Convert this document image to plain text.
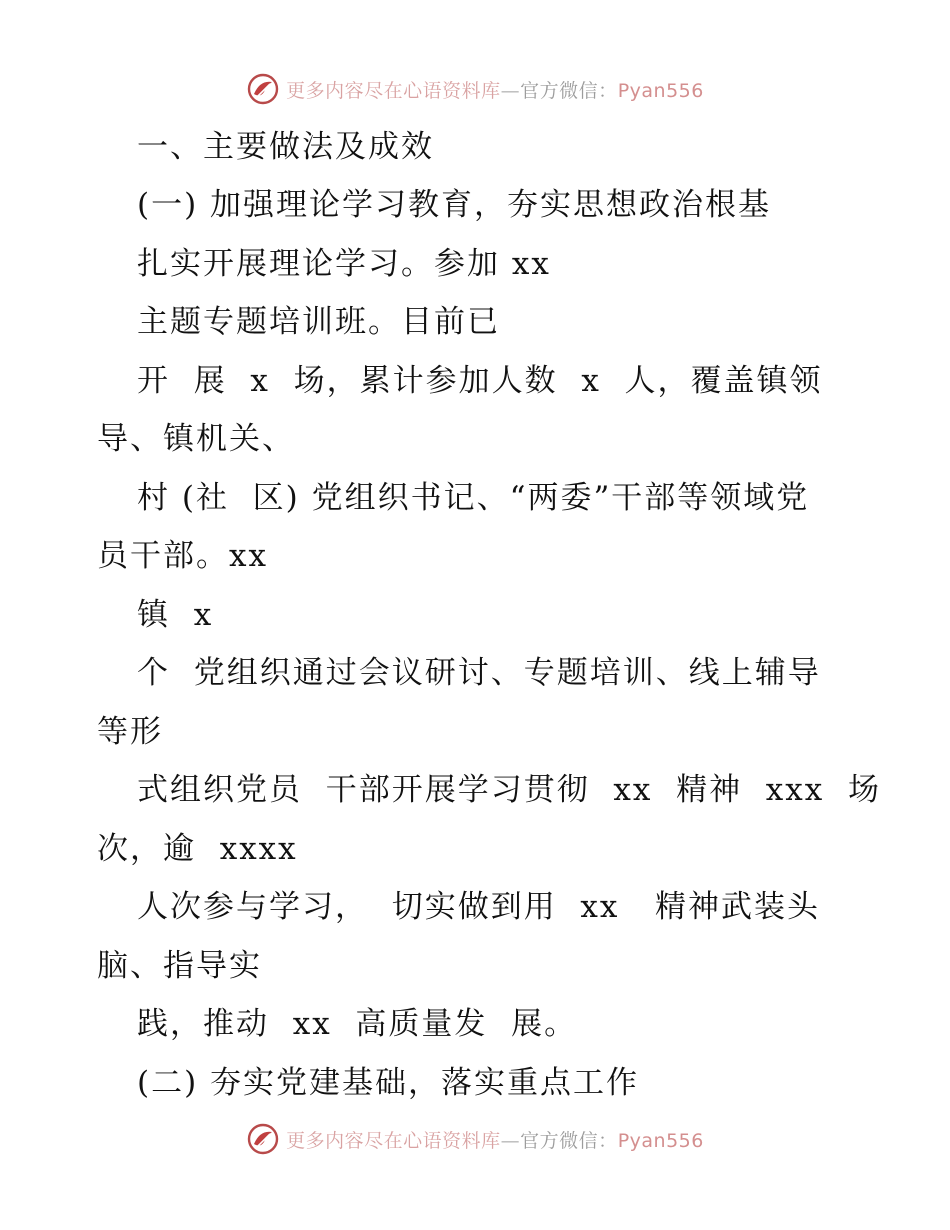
更多内容尽在心语资料库—官方微信：Pyan556
一、主要做法及成效
(一) 加强理论学习教育，夯实思想政治根基
扎实开展理论学习。参加 xx
主题专题培训班。目前已
开  展  x  场，累计参加人数  x  人，覆盖镇领
导、镇机关、
村 (社  区) 党组织书记、“两委”干部等领域党
员干部。xx
镇  x
个  党组织通过会议研讨、专题培训、线上辅导
等形
式组织党员  干部开展学习贯彻  xx  精神  xxx  场
次，逾  xxxx
人次参与学习，  切实做到用  xx   精神武装头
脑、指导实
践，推动  xx  高质量发  展。
(二) 夯实党建基础，落实重点工作
更多内容尽在心语资料库—官方微信：Pyan556
